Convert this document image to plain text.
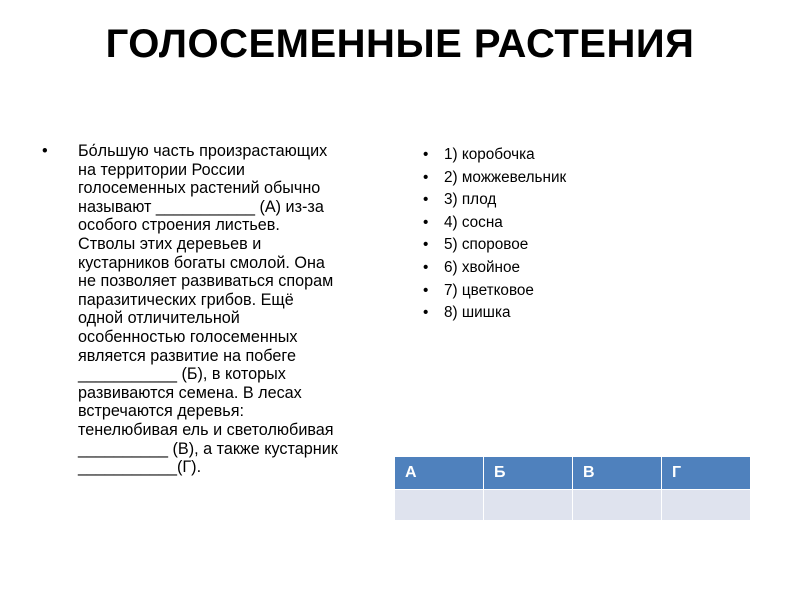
ГОЛОСЕМЕННЫЕ РАСТЕНИЯ
•	Бо́льшую часть произрастающих
на территории России
голосеменных растений обычно
называют ___________ (А) из-за
особого строения листьев.
Стволы этих деревьев и
кустарников богаты смолой. Она
не позволяет развиваться спорам
паразитических грибов. Ещё
одной отличительной
особенностью голосеменных
является развитие на побеге
___________ (Б), в которых
развиваются семена. В лесах
встречаются деревья:
тенелюбивая ель и светолюбивая
__________ (В), а также кустарник
___________(Г).
•	1) коробочка
•	2) можжевельник
•	3) плод
•	4) сосна
•	5) споровое
•	6) хвойное
•	7) цветковое
•	8) шишка
А	Б	В	Г
